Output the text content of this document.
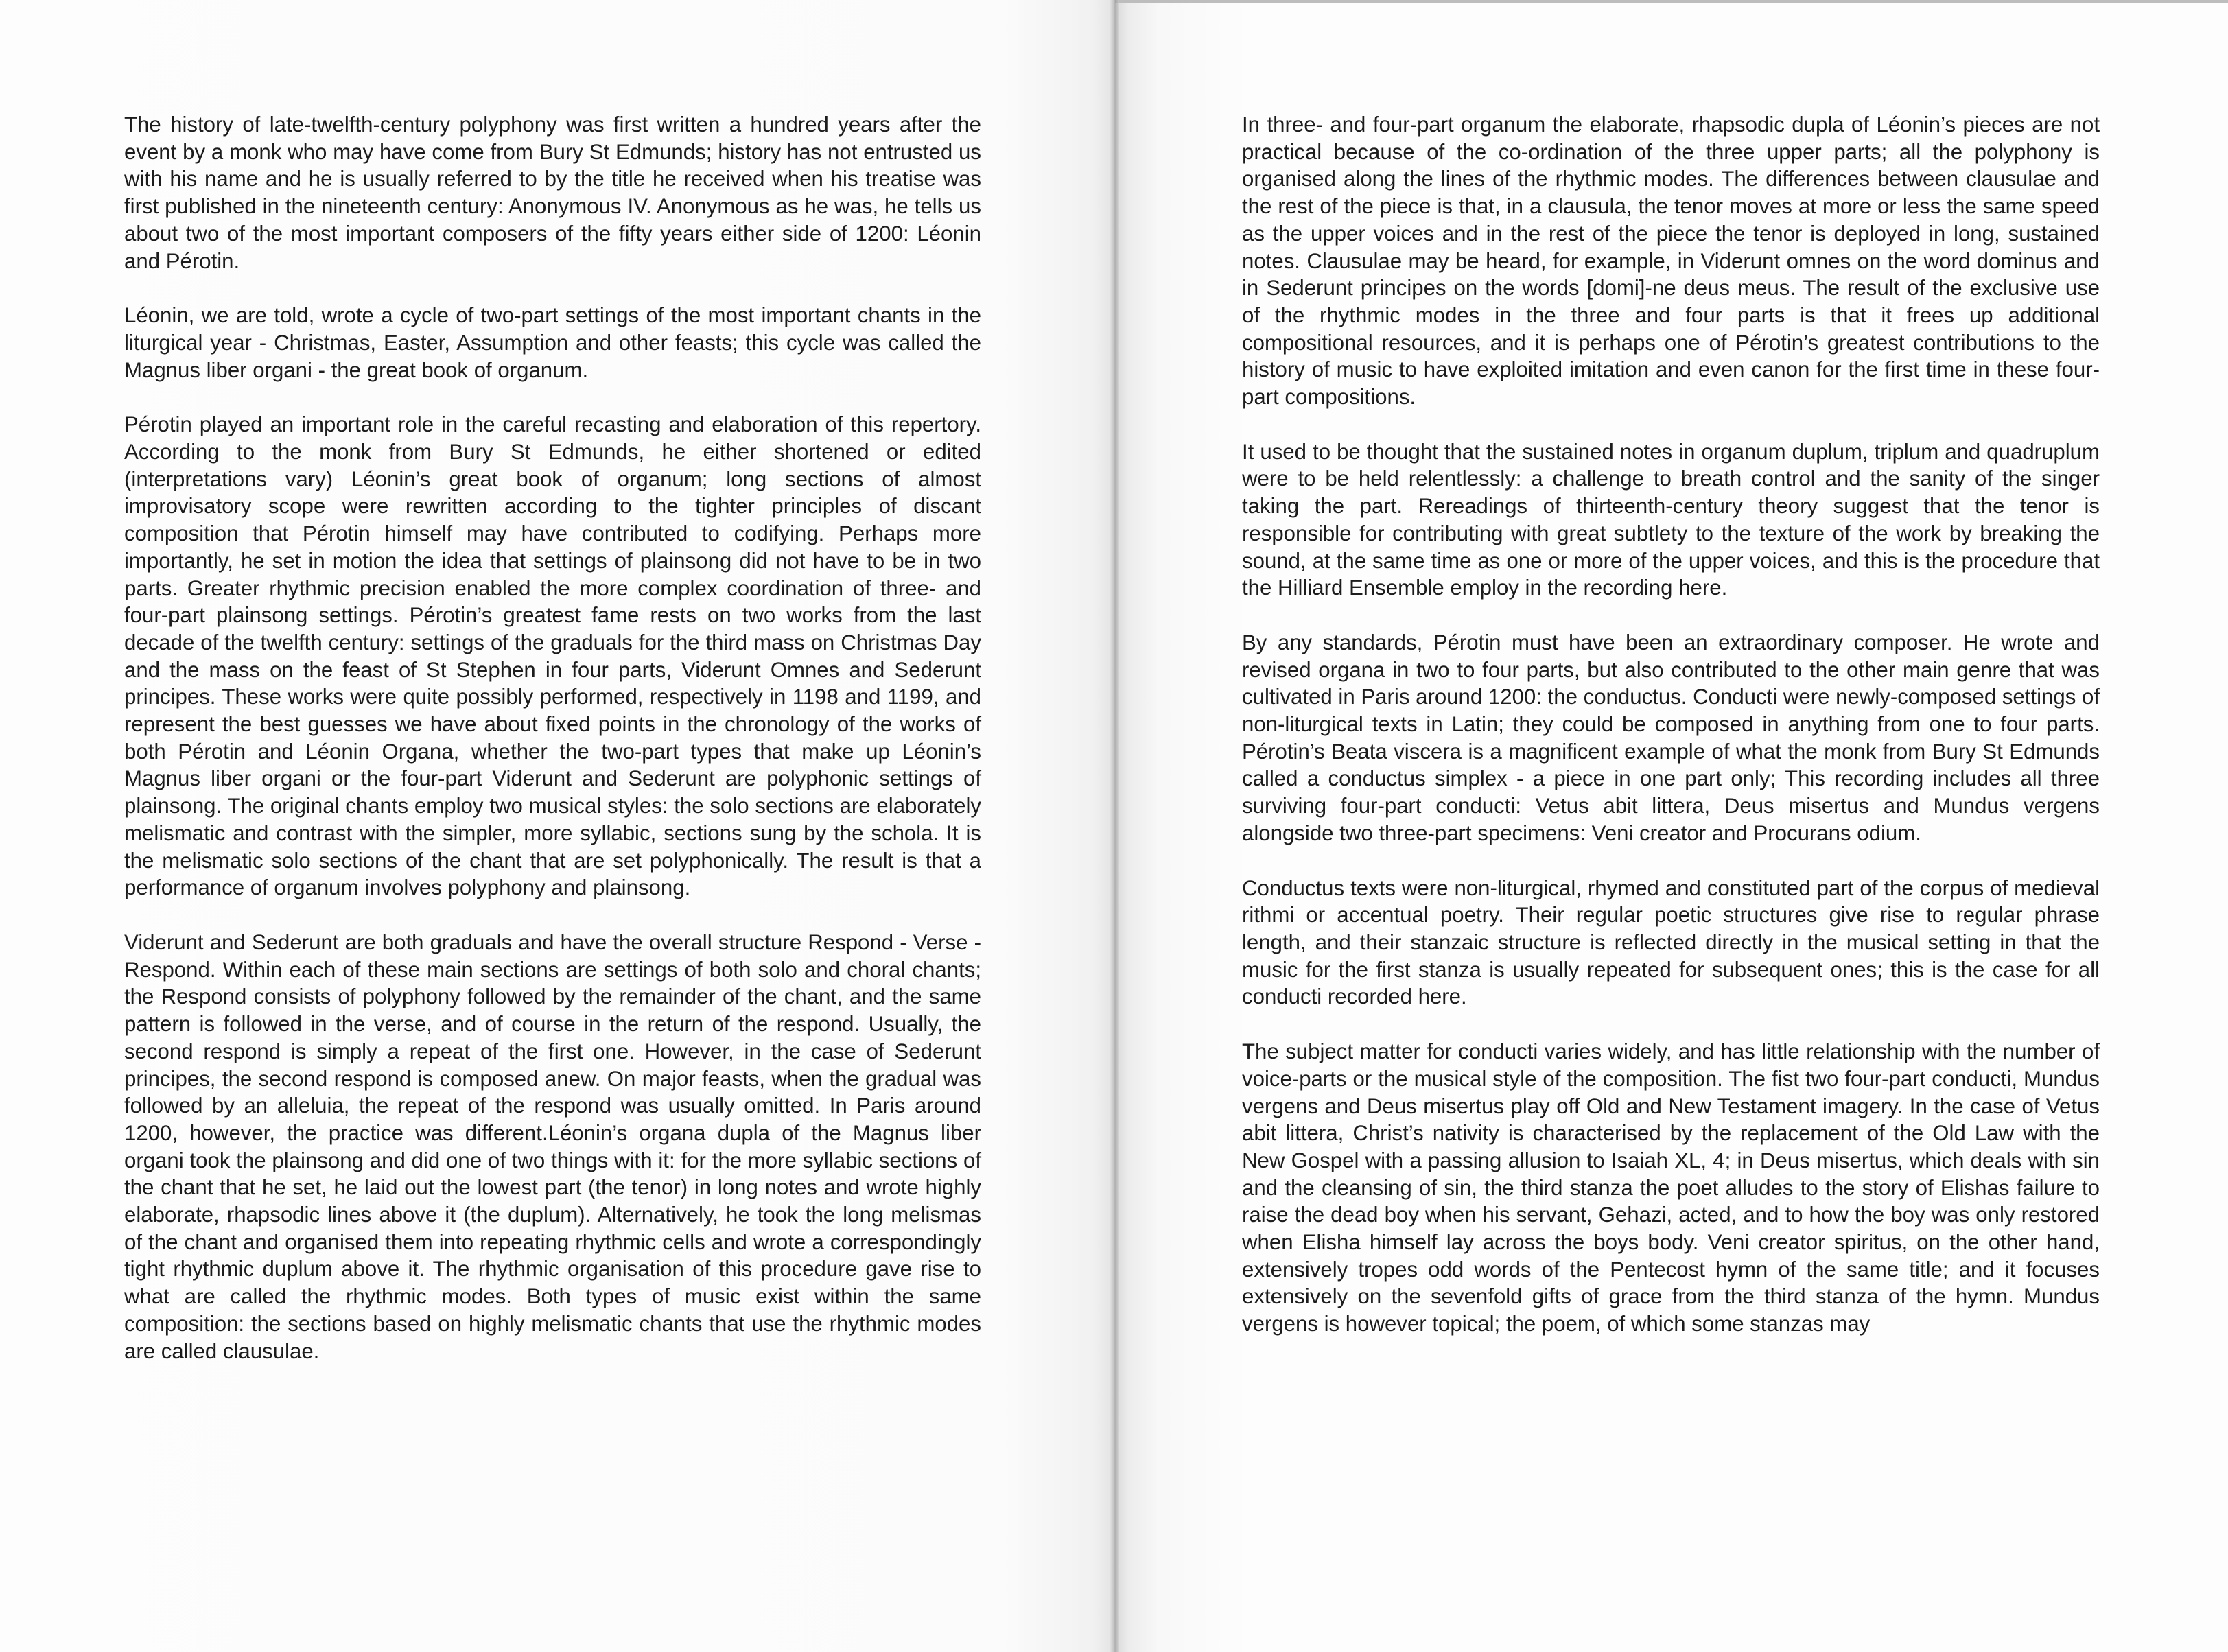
The history of late-twelfth-century polyphony was first written a hundred years after the event by a monk who may have come from Bury St Edmunds; history has not entrusted us with his name and he is usually referred to by the title he received when his treatise was first published in the nineteenth century: Anonymous IV. Anonymous as he was, he tells us about two of the most important composers of the fifty years either side of 1200: Léonin and Pérotin.

Léonin, we are told, wrote a cycle of two-part settings of the most important chants in the liturgical year - Christmas, Easter, Assumption and other feasts; this cycle was called the Magnus liber organi - the great book of organum.

Pérotin played an important role in the careful recasting and elaboration of this repertory. According to the monk from Bury St Edmunds, he either shortened or edited (interpretations vary) Léonin’s great book of organum; long sections of almost improvisatory scope were rewritten according to the tighter principles of discant composition that Pérotin himself may have contributed to codifying. Perhaps more importantly, he set in motion the idea that settings of plainsong did not have to be in two parts. Greater rhythmic precision enabled the more complex coordination of three- and four-part plainsong settings. Pérotin’s greatest fame rests on two works from the last decade of the twelfth century: settings of the graduals for the third mass on Christmas Day and the mass on the feast of St Stephen in four parts, Viderunt Omnes and Sederunt principes. These works were quite possibly performed, respectively in 1198 and 1199, and represent the best guesses we have about fixed points in the chronology of the works of both Pérotin and Léonin Organa, whether the two-part types that make up Léonin’s Magnus liber organi or the four-part Viderunt and Sederunt are polyphonic settings of plainsong. The original chants employ two musical styles: the solo sections are elaborately melismatic and contrast with the simpler, more syllabic, sections sung by the schola. It is the melismatic solo sections of the chant that are set polyphonically. The result is that a performance of organum involves polyphony and plainsong.

Viderunt and Sederunt are both graduals and have the overall structure Respond - Verse - Respond. Within each of these main sections are settings of both solo and choral chants; the Respond consists of polyphony followed by the remainder of the chant, and the same pattern is followed in the verse, and of course in the return of the respond. Usually, the second respond is simply a repeat of the first one. However, in the case of Sederunt principes, the second respond is composed anew. On major feasts, when the gradual was followed by an alleluia, the repeat of the respond was usually omitted. In Paris around 1200, however, the practice was different.Léonin’s organa dupla of the Magnus liber organi took the plainsong and did one of two things with it: for the more syllabic sections of the chant that he set, he laid out the lowest part (the tenor) in long notes and wrote highly elaborate, rhapsodic lines above it (the duplum). Alternatively, he took the long melismas of the chant and organised them into repeating rhythmic cells and wrote a correspondingly tight rhythmic duplum above it. The rhythmic organisation of this procedure gave rise to what are called the rhythmic modes. Both types of music exist within the same composition: the sections based on highly melismatic chants that use the rhythmic modes are called clausulae.

In three- and four-part organum the elaborate, rhapsodic dupla of Léonin’s pieces are not practical because of the co-ordination of the three upper parts; all the polyphony is organised along the lines of the rhythmic modes. The differences between clausulae and the rest of the piece is that, in a clausula, the tenor moves at more or less the same speed as the upper voices and in the rest of the piece the tenor is deployed in long, sustained notes. Clausulae may be heard, for example, in Viderunt omnes on the word dominus and in Sederunt principes on the words [domi]-ne deus meus. The result of the exclusive use of the rhythmic modes in the three and four parts is that it frees up additional compositional resources, and it is perhaps one of Pérotin’s greatest contributions to the history of music to have exploited imitation and even canon for the first time in these four-part compositions.

It used to be thought that the sustained notes in organum duplum, triplum and quadruplum were to be held relentlessly: a challenge to breath control and the sanity of the singer taking the part. Rereadings of thirteenth-century theory suggest that the tenor is responsible for contributing with great subtlety to the texture of the work by breaking the sound, at the same time as one or more of the upper voices, and this is the procedure that the Hilliard Ensemble employ in the recording here.

By any standards, Pérotin must have been an extraordinary composer. He wrote and revised organa in two to four parts, but also contributed to the other main genre that was cultivated in Paris around 1200: the conductus. Conducti were newly-composed settings of non-liturgical texts in Latin; they could be composed in anything from one to four parts. Pérotin’s Beata viscera is a magnificent example of what the monk from Bury St Edmunds called a conductus simplex - a piece in one part only; This recording includes all three surviving four-part conducti: Vetus abit littera, Deus misertus and Mundus vergens alongside two three-part specimens: Veni creator and Procurans odium.

Conductus texts were non-liturgical, rhymed and constituted part of the corpus of medieval rithmi or accentual poetry. Their regular poetic structures give rise to regular phrase length, and their stanzaic structure is reflected directly in the musical setting in that the music for the first stanza is usually repeated for subsequent ones; this is the case for all conducti recorded here.

The subject matter for conducti varies widely, and has little relationship with the number of voice-parts or the musical style of the composition. The fist two four-part conducti, Mundus vergens and Deus misertus play off Old and New Testament imagery. In the case of Vetus abit littera, Christ’s nativity is characterised by the replacement of the Old Law with the New Gospel with a passing allusion to Isaiah XL, 4; in Deus misertus, which deals with sin and the cleansing of sin, the third stanza the poet alludes to the story of Elishas failure to raise the dead boy when his servant, Gehazi, acted, and to how the boy was only restored when Elisha himself lay across the boys body. Veni creator spiritus, on the other hand, extensively tropes odd words of the Pentecost hymn of the same title; and it focuses extensively on the sevenfold gifts of grace from the third stanza of the hymn. Mundus vergens is however topical; the poem, of which some stanzas may
